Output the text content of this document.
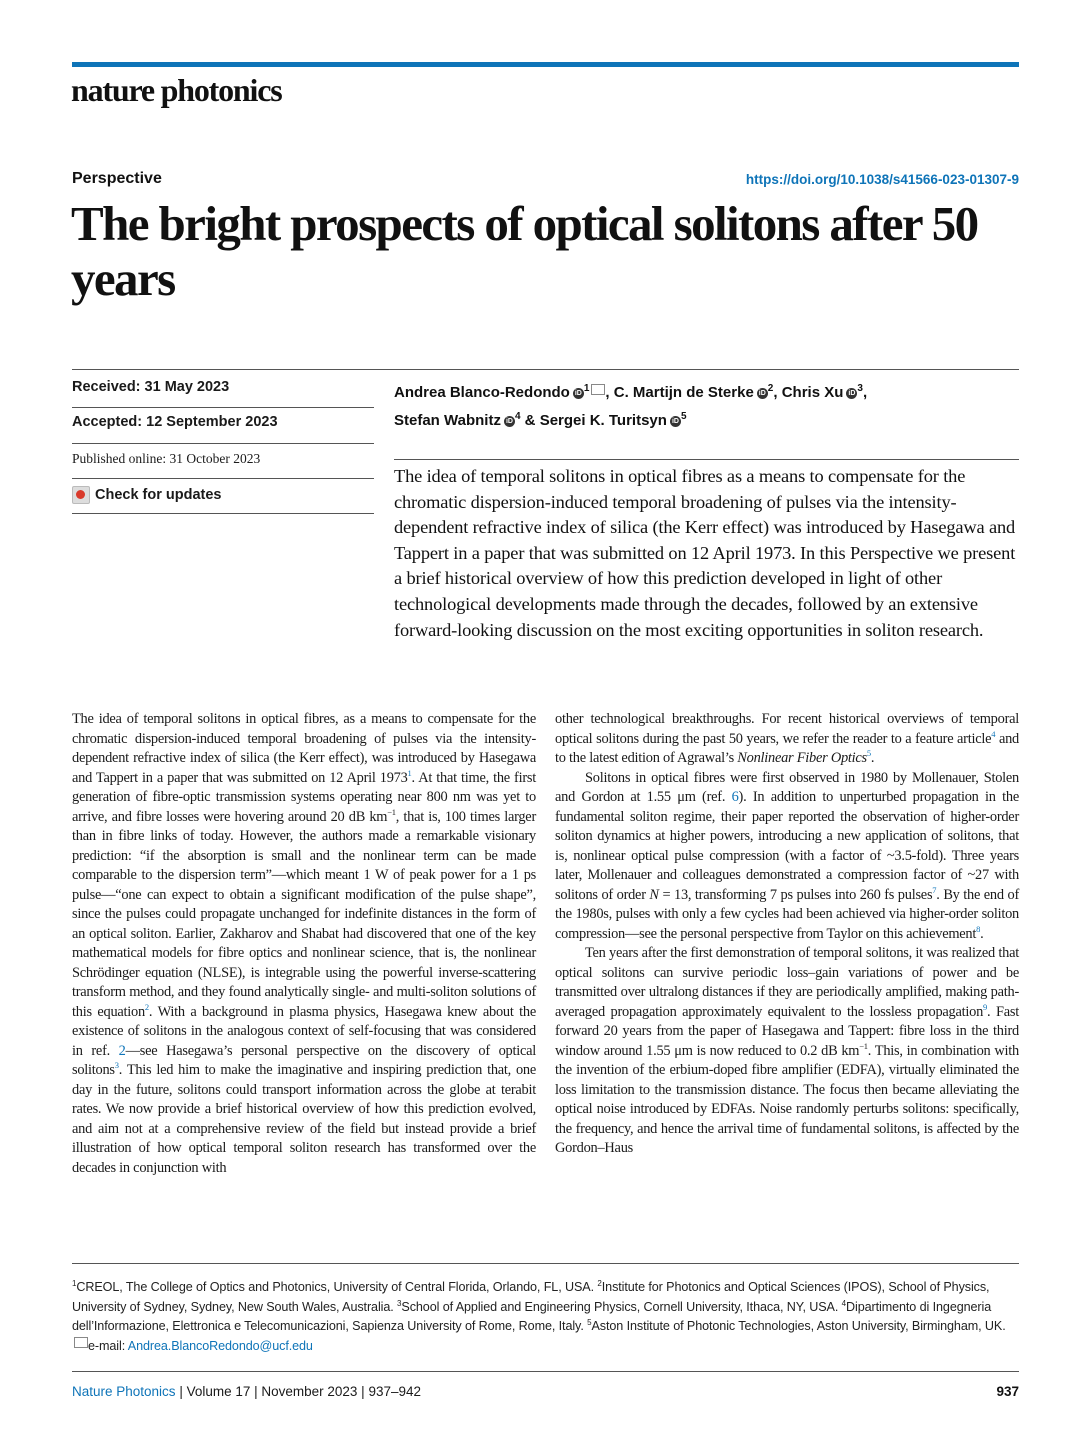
nature photonics
Perspective	https://doi.org/10.1038/s41566-023-01307-9
The bright prospects of optical solitons after 50 years
Received: 31 May 2023
Accepted: 12 September 2023
Published online: 31 October 2023
Check for updates
Andrea Blanco-Redondo iD $^1$ , C. Martijn de Sterke iD $^2$, Chris Xu iD $^3$,
Stefan Wabnitz iD $^4$ & Sergei K. Turitsyn iD $^5$

The idea of temporal solitons in optical fibres as a means to compensate for the chromatic dispersion-induced temporal broadening of pulses via the intensity-dependent refractive index of silica (the Kerr effect) was introduced by Hasegawa and Tappert in a paper that was submitted on 12 April 1973. In this Perspective we present a brief historical overview of how this prediction developed in light of other technological developments made through the decades, followed by an extensive forward-looking discussion on the most exciting opportunities in soliton research.

The idea of temporal solitons in optical fibres, as a means to compensate for the chromatic dispersion-induced temporal broadening of pulses via the intensity-dependent refractive index of silica (the Kerr effect), was introduced by Hasegawa and Tappert in a paper that was submitted on 12 April 1973$^1$. At that time, the first generation of fibre-optic transmission systems operating near 800 nm was yet to arrive, and fibre losses were hovering around 20 dB $km^{-1}$, that is, 100 times larger than in fibre links of today. However, the authors made a remarkable visionary prediction: “if the absorption is small and the nonlinear term can be made comparable to the dispersion term”—which meant 1 W of peak power for a 1 ps pulse—“one can expect to obtain a significant modification of the pulse shape”, since the pulses could propagate unchanged for indefinite distances in the form of an optical soliton. Earlier, Zakharov and Shabat had discovered that one of the key mathematical models for fibre optics and nonlinear science, that is, the nonlinear Schrödinger equation (NLSE), is integrable using the powerful inverse-scattering transform method, and they found analytically single- and multi-soliton solutions of this equation$^2$. With a background in plasma physics, Hasegawa knew about the existence of solitons in the analogous context of self-focusing that was considered in ref. 2—see Hasegawa’s personal perspective on the discovery of optical solitons$^3$. This led him to make the imaginative and inspiring prediction that, one day in the future, solitons could transport information across the globe at terabit rates. We now provide a brief historical overview of how this prediction evolved, and aim not at a comprehensive review of the field but instead provide a brief illustration of how optical temporal soliton research has transformed over the decades in conjunction with

other technological breakthroughs. For recent historical overviews of temporal optical solitons during the past 50 years, we refer the reader to a feature article$^4$ and to the latest edition of Agrawal’s Nonlinear Fiber Optics$^5$.

Solitons in optical fibres were first observed in 1980 by Mollenauer, Stolen and Gordon at 1.55 μm (ref. 6). In addition to unperturbed propagation in the fundamental soliton regime, their paper reported the observation of higher-order soliton dynamics at higher powers, introducing a new application of solitons, that is, nonlinear optical pulse compression (with a factor of ~3.5-fold). Three years later, Mollenauer and colleagues demonstrated a compression factor of ~27 with solitons of order N = 13, transforming 7 ps pulses into 260 fs pulses$^7$. By the end of the 1980s, pulses with only a few cycles had been achieved via higher-order soliton compression—see the personal perspective from Taylor on this achievement$^8$.

Ten years after the first demonstration of temporal solitons, it was realized that optical solitons can survive periodic loss–gain variations of power and be transmitted over ultralong distances if they are periodically amplified, making path-averaged propagation approximately equivalent to the lossless propagation$^9$. Fast forward 20 years from the paper of Hasegawa and Tappert: fibre loss in the third window around 1.55 μm is now reduced to 0.2 dB $km^{-1}$. This, in combination with the invention of the erbium-doped fibre amplifier (EDFA), virtually eliminated the loss limitation to the transmission distance. The focus then became alleviating the optical noise introduced by EDFAs. Noise randomly perturbs solitons: specifically, the frequency, and hence the arrival time of fundamental solitons, is affected by the Gordon–Haus

$^1$CREOL, The College of Optics and Photonics, University of Central Florida, Orlando, FL, USA. $^2$Institute for Photonics and Optical Sciences (IPOS), School of Physics, University of Sydney, Sydney, New South Wales, Australia. $^3$School of Applied and Engineering Physics, Cornell University, Ithaca, NY, USA. $^4$Dipartimento di Ingegneria dell’Informazione, Elettronica e Telecomunicazioni, Sapienza University of Rome, Rome, Italy. $^5$Aston Institute of Photonic Technologies, Aston University, Birmingham, UK. e-mail: Andrea.BlancoRedondo@ucf.edu

Nature Photonics | Volume 17 | November 2023 | 937–942	937
